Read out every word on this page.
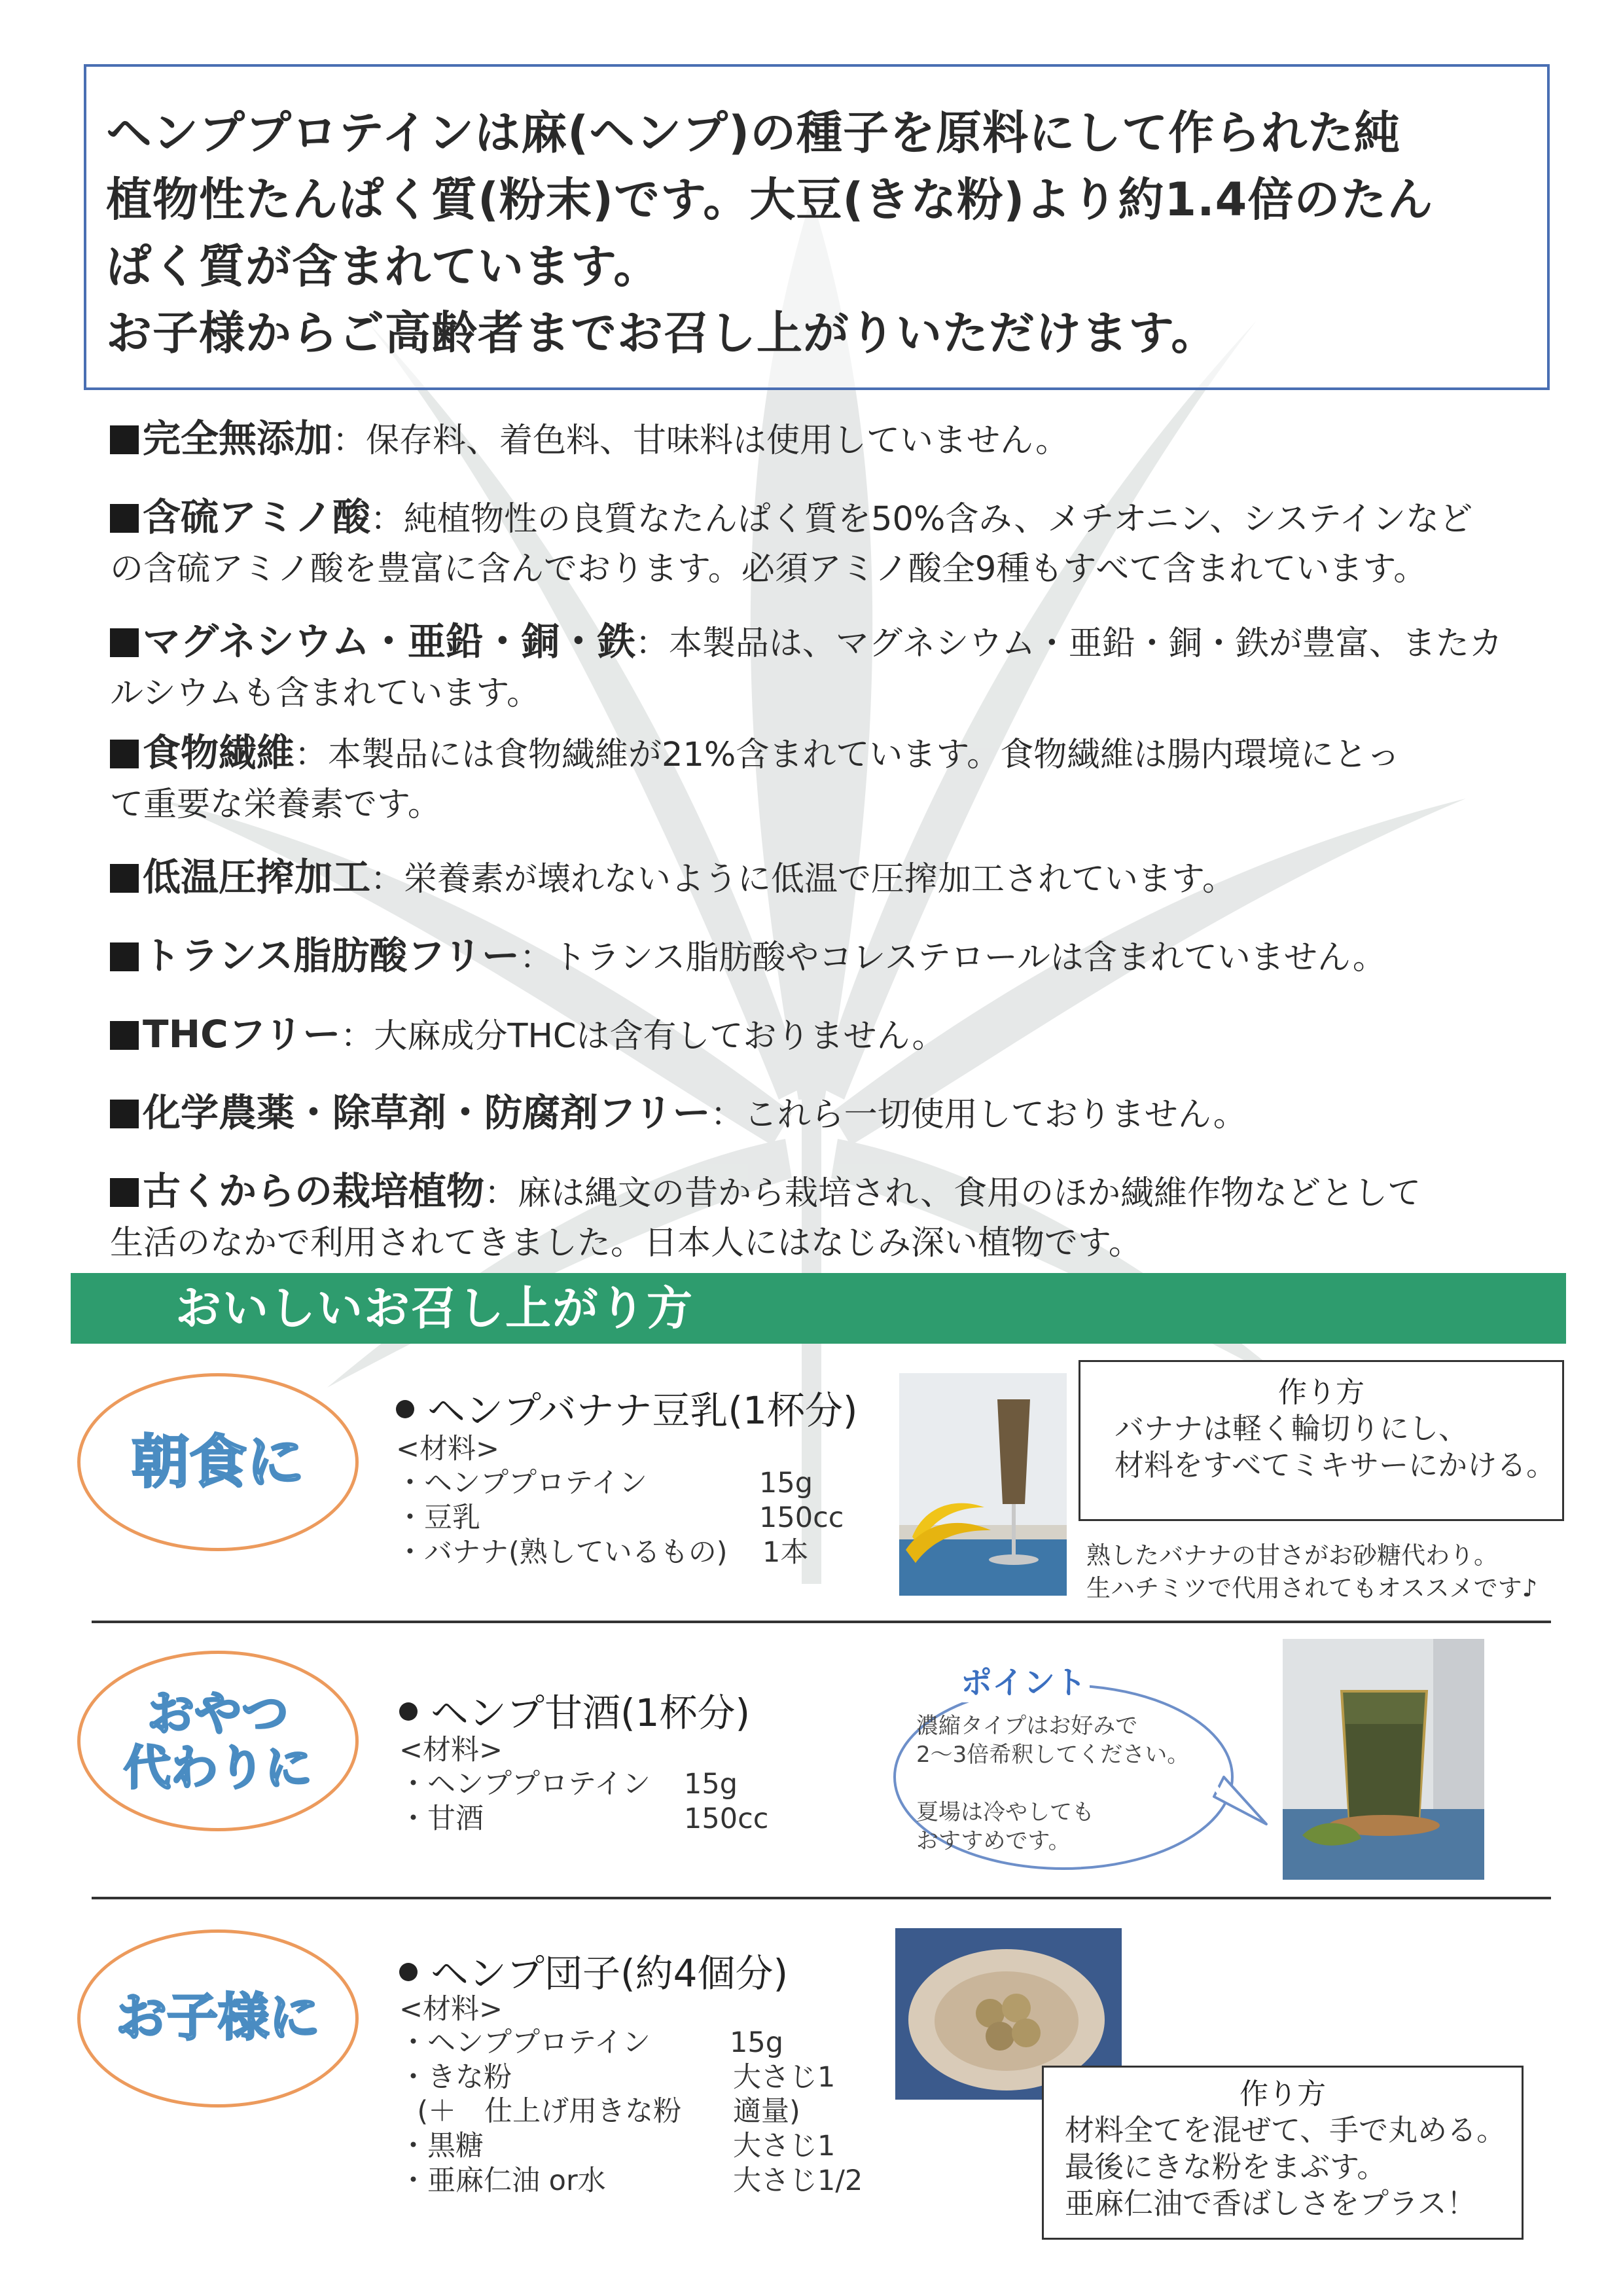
ヘンププロテインは麻(ヘンプ)の種子を原料にして作られた純
植物性たんぱく質(粉末)です。大豆(きな粉)より約1.4倍のたん
ぱく質が含まれています。
お子様からご高齢者までお召し上がりいただけます。
完全無添加：保存料、着色料、甘味料は使用していません。
含硫アミノ酸：純植物性の良質なたんぱく質を50%含み、メチオニン、システインなど
の含硫アミノ酸を豊富に含んでおります。必須アミノ酸全9種もすべて含まれています。
マグネシウム・亜鉛・銅・鉄：本製品は、マグネシウム・亜鉛・銅・鉄が豊富、またカ
ルシウムも含まれています。
食物繊維：本製品には食物繊維が21%含まれています。食物繊維は腸内環境にとっ
て重要な栄養素です。
低温圧搾加工：栄養素が壊れないように低温で圧搾加工されています。
トランス脂肪酸フリー：トランス脂肪酸やコレステロールは含まれていません。
THCフリー：大麻成分THCは含有しておりません。
化学農薬・除草剤・防腐剤フリー：これら一切使用しておりません。
古くからの栽培植物：麻は縄文の昔から栽培され、食用のほか繊維作物などとして
生活のなかで利用されてきました。日本人にはなじみ深い植物です。
おいしいお召し上がり方
朝食に
ヘンプバナナ豆乳(1杯分)
<材料>
・ヘンププロテイン	15g
・豆乳	150cc
・バナナ(熟しているもの) 1本
作り方
バナナは軽く輪切りにし、
材料をすべてミキサーにかける。
熟したバナナの甘さがお砂糖代わり。
生ハチミツで代用されてもオススメです♪
おやつ
代わりに
ヘンプ甘酒(1杯分)
<材料>
・ヘンププロテイン 15g
・甘酒	150cc
ポイント
濃縮タイプはお好みで
2～3倍希釈してください。
夏場は冷やしても
おすすめです。
お子様に
ヘンプ団子(約4個分)
<材料>
・ヘンププロテイン	15g
・きな粉	大さじ1
(＋　仕上げ用きな粉 適量)
・黒糖	大さじ1
・亜麻仁油 or水	大さじ1/2
作り方
材料全てを混ぜて、手で丸める。
最後にきな粉をまぶす。
亜麻仁油で香ばしさをプラス！
